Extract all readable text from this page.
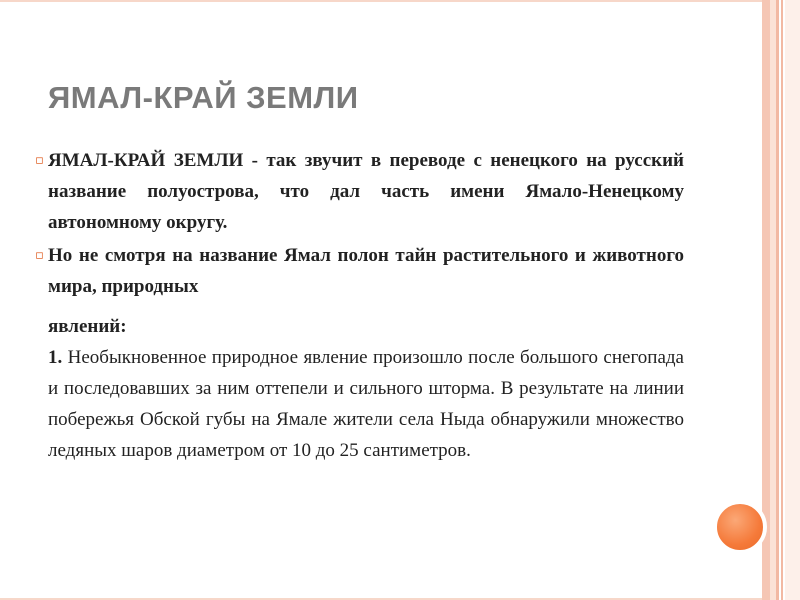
ЯМАЛ-КРАЙ ЗЕМЛИ
▫ ЯМАЛ-КРАЙ ЗЕМЛИ - так звучит в переводе с ненецкого на русский название полуострова, что дал часть имени Ямало-Ненецкому автономному округу.
▫ Но не смотря на название Ямал полон тайн растительного и животного мира, природных
явлений:
1. Необыкновенное природное явление произошло после большого снегопада и последовавших за ним оттепели и сильного шторма. В результате на линии побережья Обской губы на Ямале жители села Ныда обнаружили множество ледяных шаров диаметром от 10 до 25 сантиметров.
